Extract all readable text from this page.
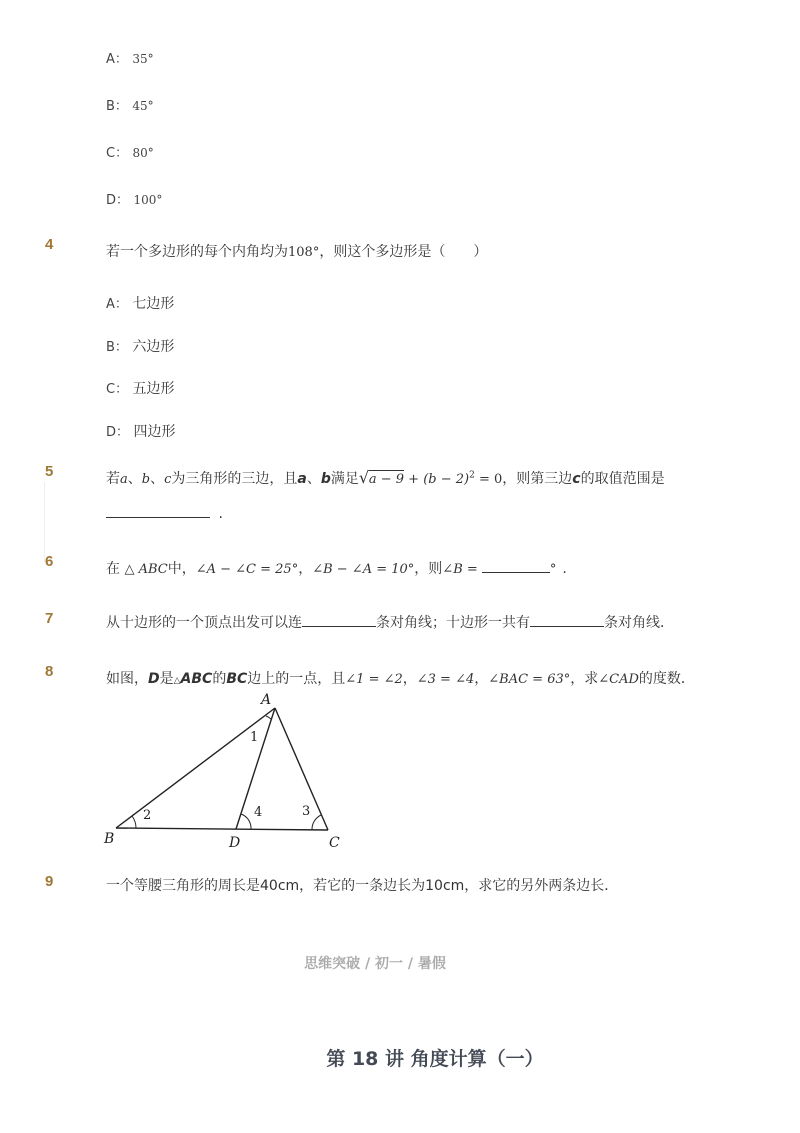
A： 35°
B： 45°
C： 80°
D： 100°
4	若一个多边形的每个内角均为108°，则这个多边形是（　　）
A： 七边形
B： 六边形
C： 五边形
D： 四边形
5	若a、b、c为三角形的三边，且a、b满足 √ $a - 9 + (b - 2)^2 = 0$，则第三边c的取值范围是
.
6	在 △ ABC中，∠A − ∠C = 25°，∠B − ∠A = 10°，则∠B =	° .
7	从十边形的一个顶点出发可以连	条对角线；十边形一共有	条对角线．
8	如图，D是△ABC的BC边上的一点，且∠1 = ∠2，∠3 = ∠4，∠BAC = 63°，求∠CAD的度数．
A
B	C
D
1
2	3
4
9	一个等腰三角形的周长是40cm，若它的一条边长为10cm，求它的另外两条边长．
思维突破 / 初一 / 暑假
第 18 讲 角度计算（一）
